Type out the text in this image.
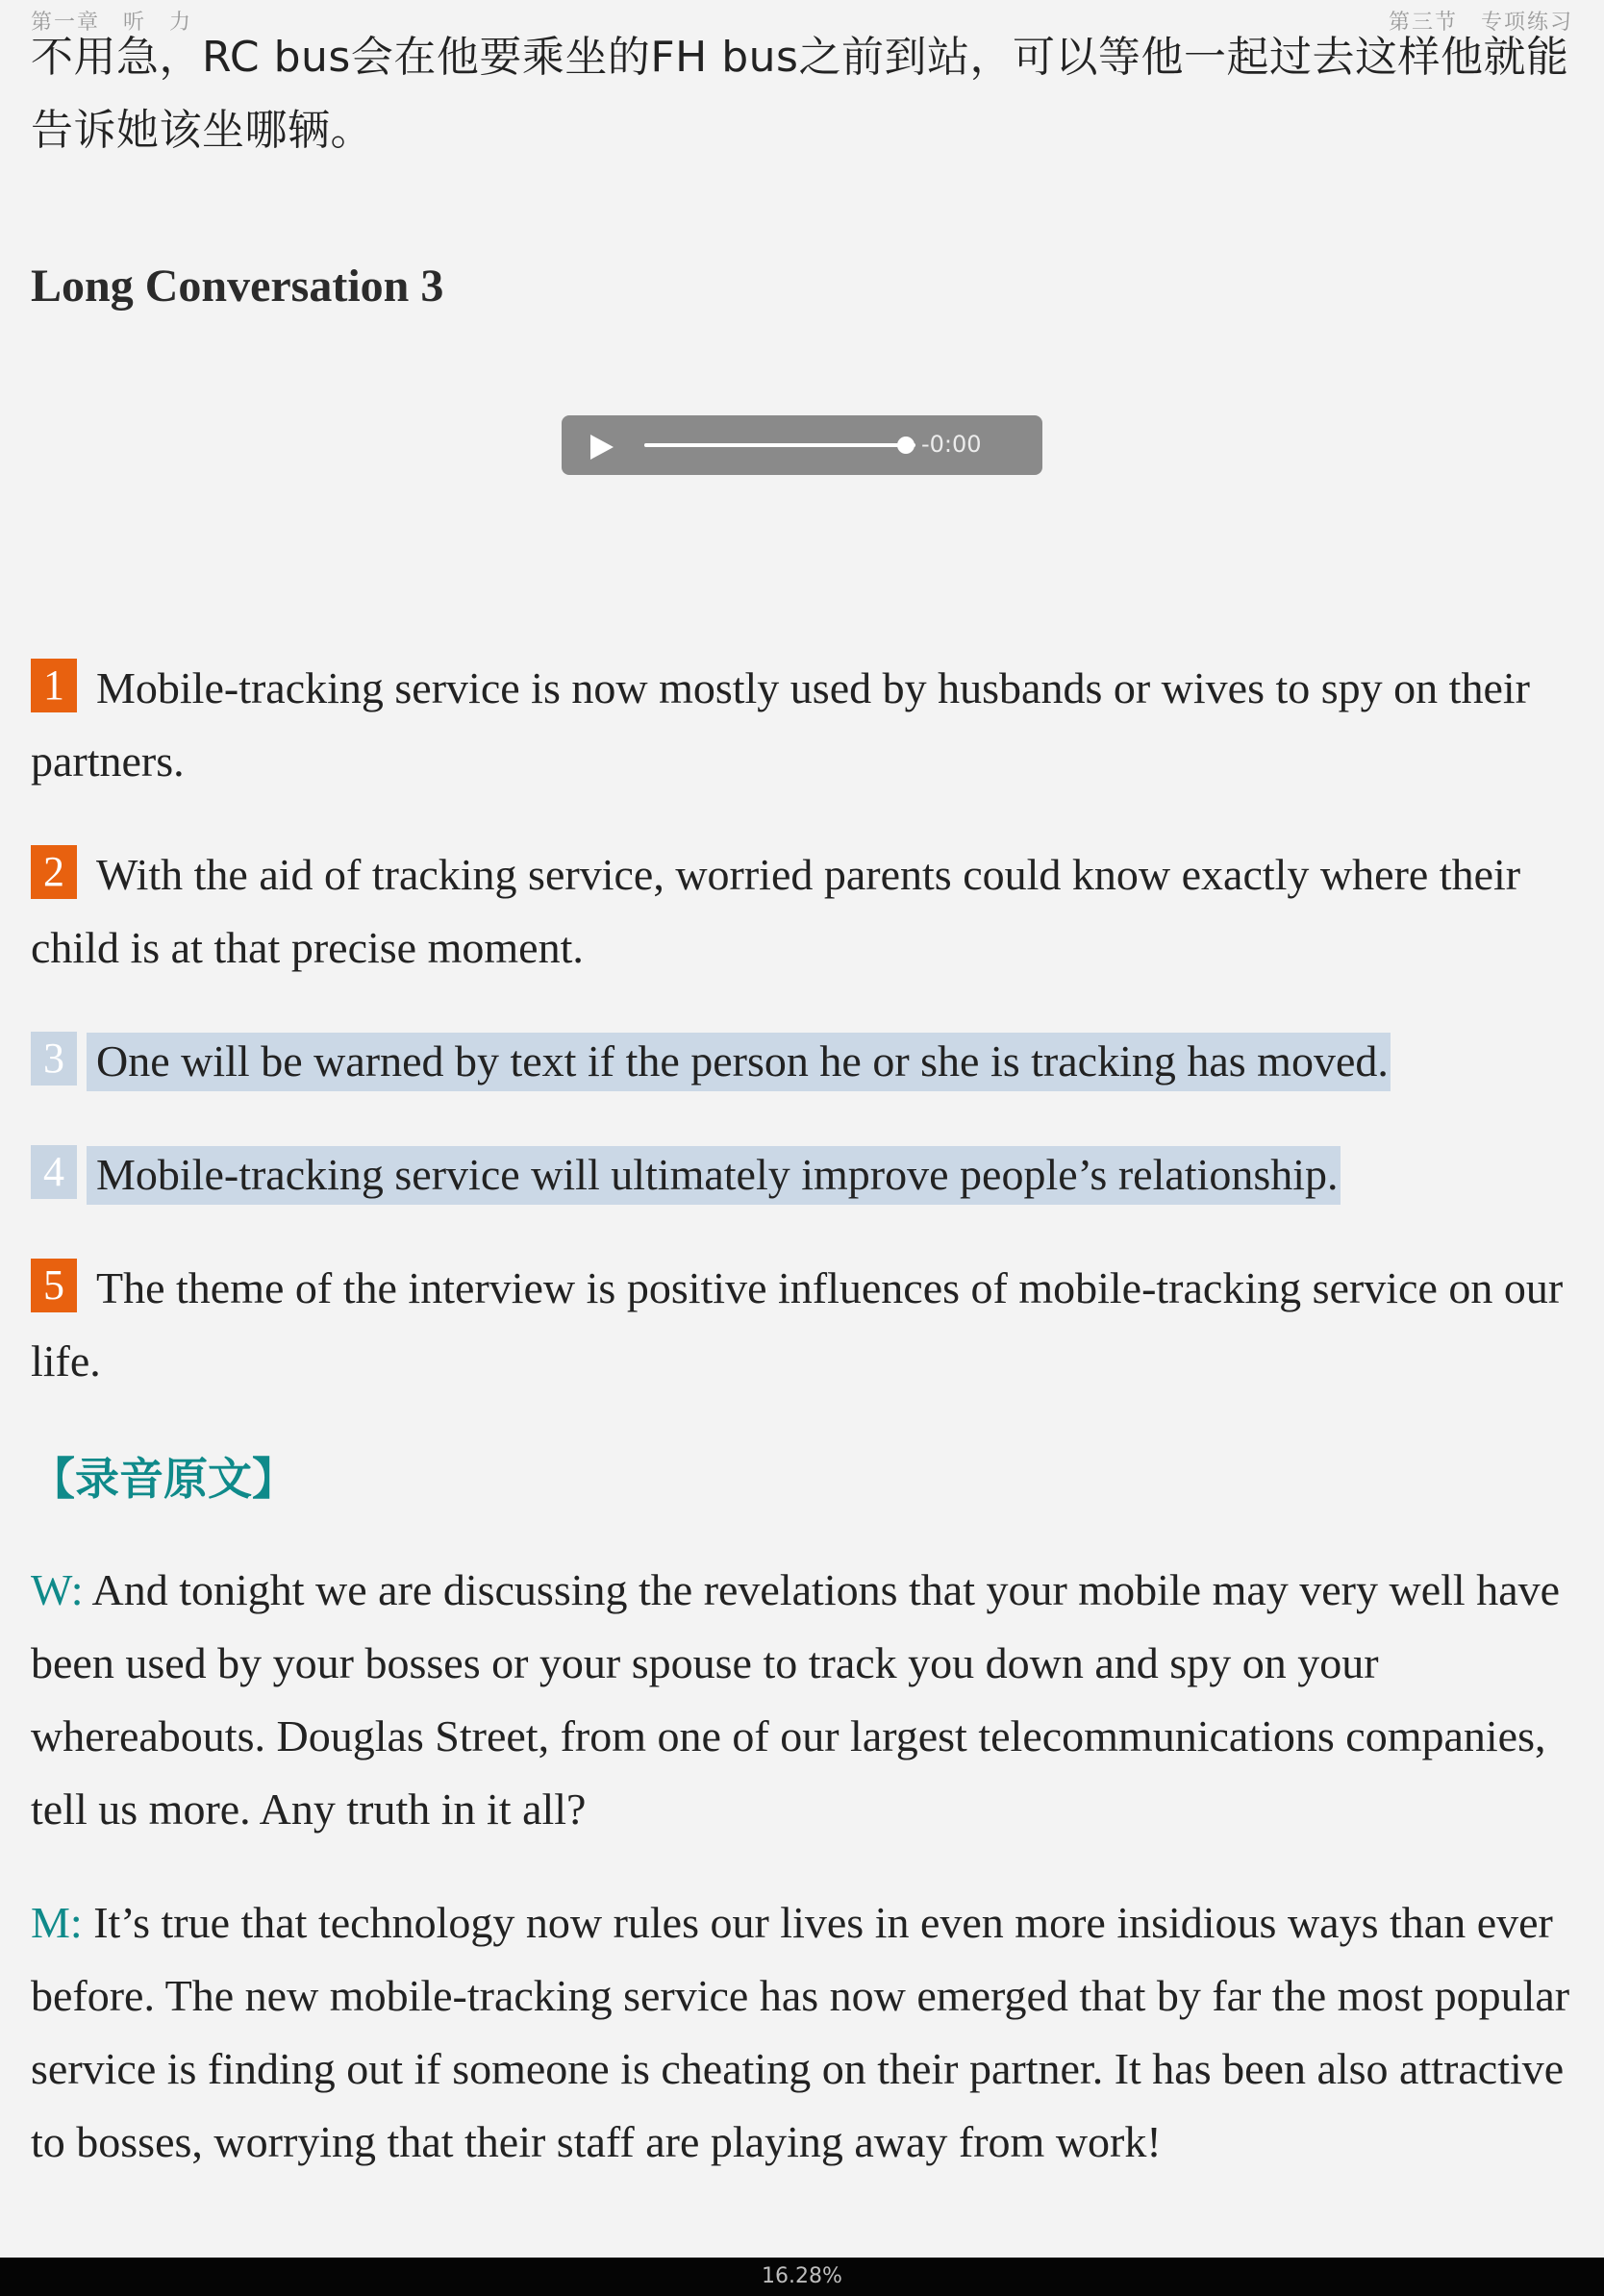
第一章　听　力	第三节　专项练习

不用急，RC bus会在他要乘坐的FH bus之前到站，可以等他一起过去这样他就能告诉她该坐哪辆。

Long Conversation 3
-0:00

1 Mobile-tracking service is now mostly used by husbands or wives to spy on their partners.

2 With the aid of tracking service, worried parents could know exactly where their child is at that precise moment.

3 One will be warned by text if the person he or she is tracking has moved.

4 Mobile-tracking service will ultimately improve people’s relationship.

5 The theme of the interview is positive influences of mobile-tracking service on our life.

【录音原文】

W: And tonight we are discussing the revelations that your mobile may very well have been used by your bosses or your spouse to track you down and spy on your whereabouts. Douglas Street, from one of our largest telecommunications companies, tell us more. Any truth in it all?

M: It’s true that technology now rules our lives in even more insidious ways than ever before. The new mobile-tracking service has now emerged that by far the most popular service is finding out if someone is cheating on their partner. It has been also attractive to bosses, worrying that their staff are playing away from work!

16.28%
